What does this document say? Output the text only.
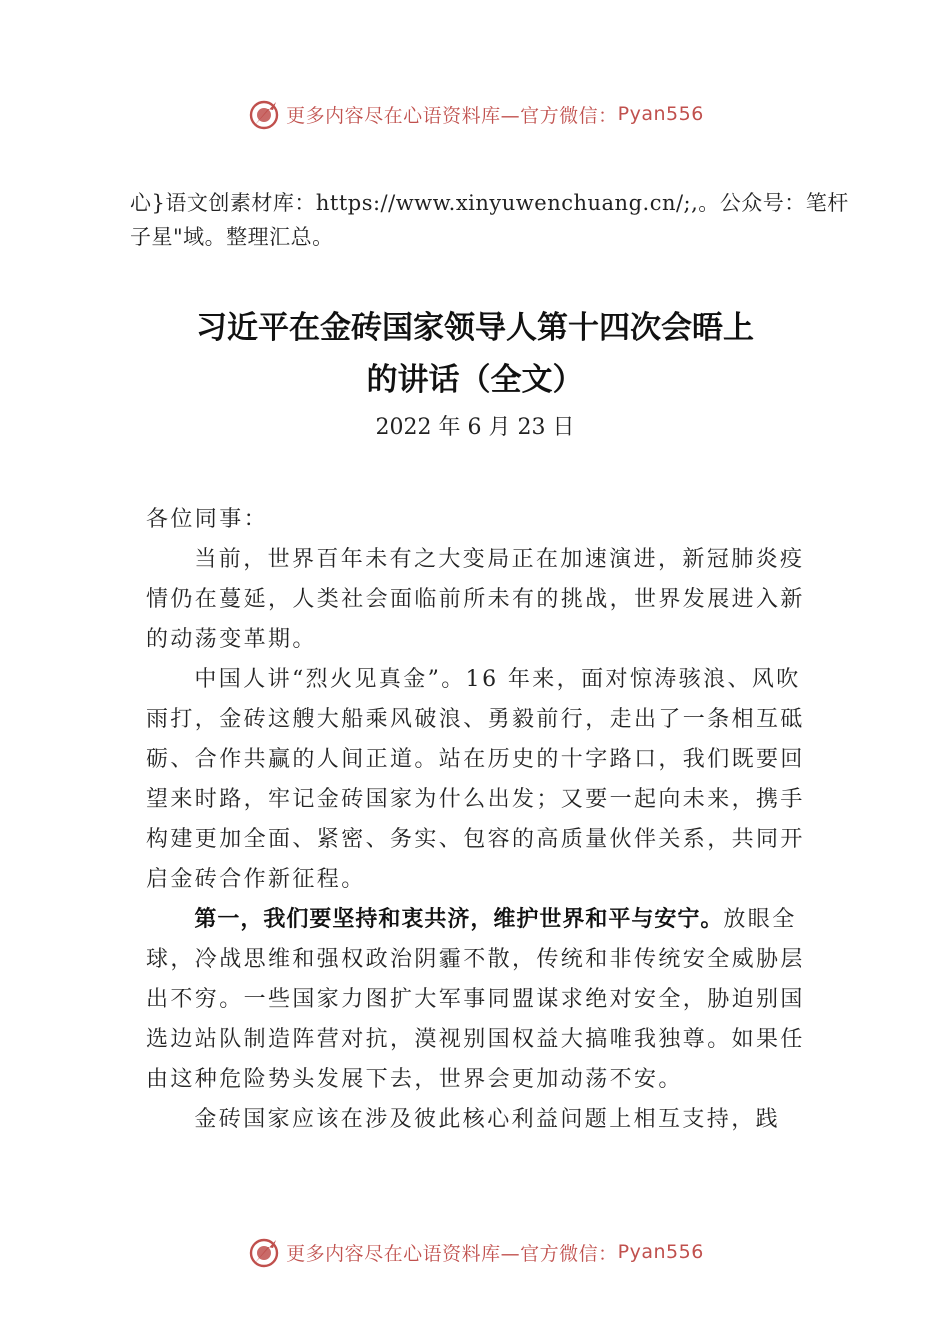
更多内容尽在心语资料库—官方微信： Pyan556
心}语文创素材库：https://www.xinyuwenchuang.cn/;,。公众号：笔杆子星"域。整理汇总。
习近平在金砖国家领导人第十四次会晤上
的讲话（全文）
2022 年 6 月 23 日

各位同事：

当前，世界百年未有之大变局正在加速演进，新冠肺炎疫情仍在蔓延，人类社会面临前所未有的挑战，世界发展进入新的动荡变革期。

中国人讲“烈火见真金”。16 年来，面对惊涛骇浪、风吹雨打，金砖这艘大船乘风破浪、勇毅前行，走出了一条相互砥砺、合作共赢的人间正道。站在历史的十字路口，我们既要回望来时路，牢记金砖国家为什么出发；又要一起向未来，携手构建更加全面、紧密、务实、包容的高质量伙伴关系，共同开启金砖合作新征程。

第一，我们要坚持和衷共济，维护世界和平与安宁。放眼全球，冷战思维和强权政治阴霾不散，传统和非传统安全威胁层出不穷。一些国家力图扩大军事同盟谋求绝对安全，胁迫别国选边站队制造阵营对抗，漠视别国权益大搞唯我独尊。如果任由这种危险势头发展下去，世界会更加动荡不安。

金砖国家应该在涉及彼此核心利益问题上相互支持，践

更多内容尽在心语资料库—官方微信： Pyan556
